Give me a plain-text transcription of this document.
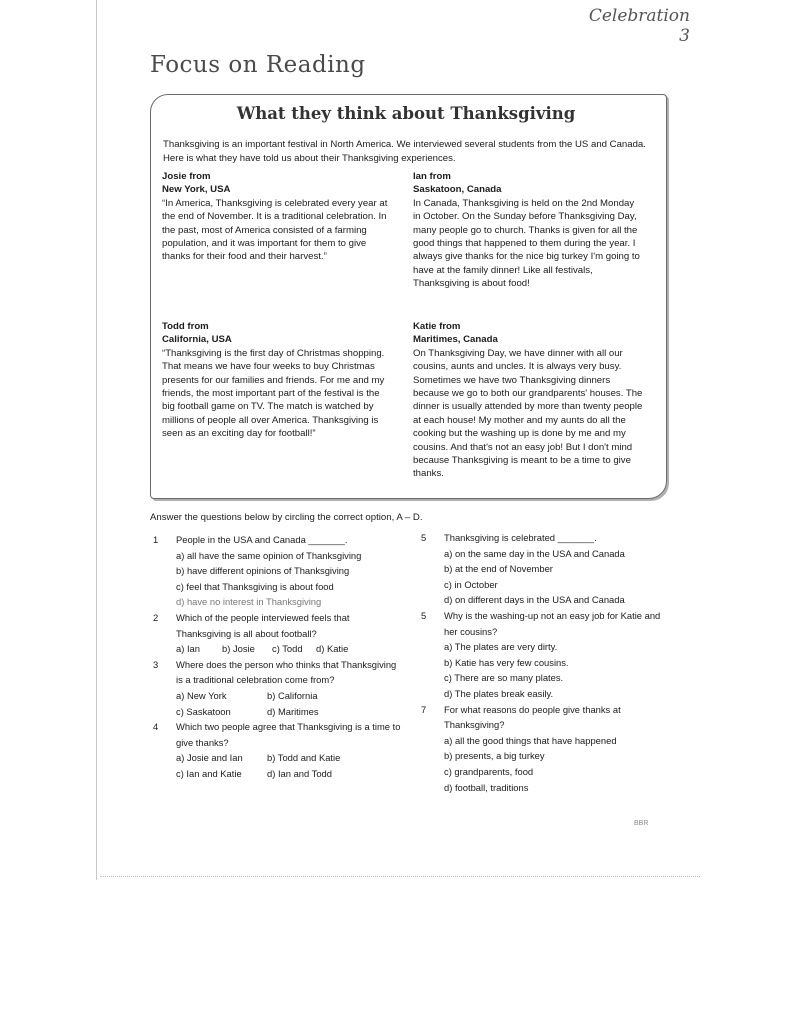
Celebration 3
Focus on Reading
What they think about Thanksgiving
Thanksgiving is an important festival in North America. We interviewed several students from the US and Canada. Here is what they have told us about their Thanksgiving experiences.
Josie from
New York, USA
“In America, Thanksgiving is celebrated every year at the end of November. It is a traditional celebration. In the past, most of America consisted of a farming population, and it was important for them to give thanks for their food and their harvest.”
Ian from
Saskatoon, Canada
In Canada, Thanksgiving is held on the 2nd Monday in October. On the Sunday before Thanksgiving Day, many people go to church. Thanks is given for all the good things that happened to them during the year. I always give thanks for the nice big turkey I'm going to have at the family dinner! Like all festivals, Thanksgiving is about food!
Todd from
California, USA
“Thanksgiving is the first day of Christmas shopping. That means we have four weeks to buy Christmas presents for our families and friends. For me and my friends, the most important part of the festival is the big football game on TV. The match is watched by millions of people all over America. Thanksgiving is seen as an exciting day for football!”
Katie from
Maritimes, Canada
On Thanksgiving Day, we have dinner with all our cousins, aunts and uncles. It is always very busy. Sometimes we have two Thanksgiving dinners because we go to both our grandparents' houses. The dinner is usually attended by more than twenty people at each house! My mother and my aunts do all the cooking but the washing up is done by me and my cousins. And that's not an easy job! But I don't mind because Thanksgiving is meant to be a time to give thanks.
Answer the questions below by circling the correct option, A – D.
1 People in the USA and Canada _______.
a) all have the same opinion of Thanksgiving
b) have different opinions of Thanksgiving
c) feel that Thanksgiving is about food
d) have no interest in Thanksgiving
2 Which of the people interviewed feels that Thanksgiving is all about football?
a) Ian	b) Josie	c) Todd	d) Katie
3 Where does the person who thinks that Thanksgiving is a traditional celebration come from?
a) New York	b) California
c) Saskatoon	d) Maritimes
4 Which two people agree that Thanksgiving is a time to give thanks?
a) Josie and Ian	b) Todd and Katie
c) Ian and Katie	d) Ian and Todd
5 Thanksgiving is celebrated _______.
a) on the same day in the USA and Canada
b) at the end of November
c) in October
d) on different days in the USA and Canada
5 Why is the washing-up not an easy job for Katie and her cousins?
a) The plates are very dirty.
b) Katie has very few cousins.
c) There are so many plates.
d) The plates break easily.
7 For what reasons do people give thanks at Thanksgiving?
a) all the good things that have happened
b) presents, a big turkey
c) grandparents, food
d) football, traditions
BBR
